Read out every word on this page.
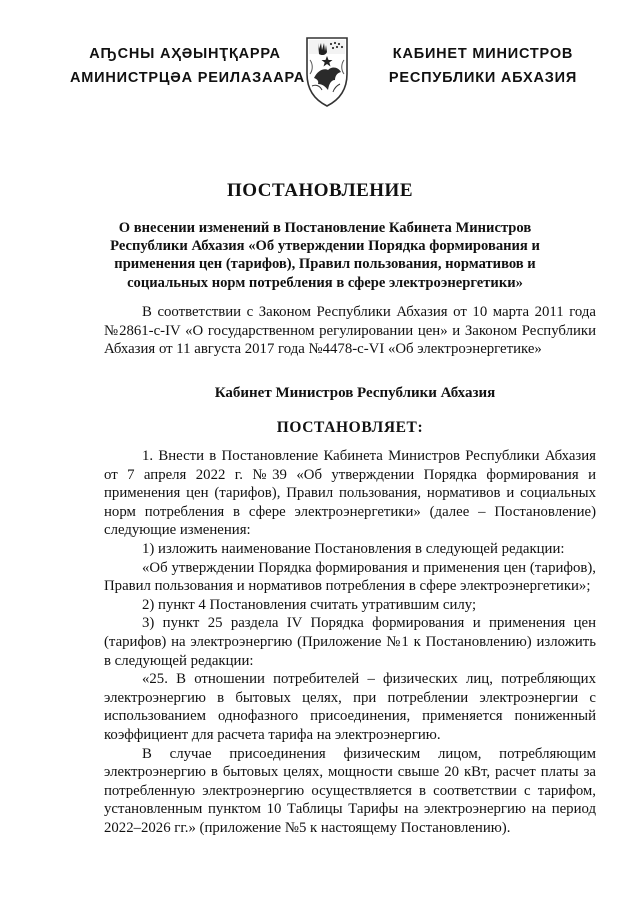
АҦСНЫ АҲӘЫНҬҚАРРА
АМИНИСТРЦӘА РЕИЛАЗААРА
КАБИНЕТ МИНИСТРОВ
РЕСПУБЛИКИ АБХАЗИЯ
ПОСТАНОВЛЕНИЕ
О внесении изменений в Постановление Кабинета Министров Республики Абхазия «Об утверждении Порядка формирования и применения цен (тарифов), Правил пользования, нормативов и социальных норм потребления в сфере электроэнергетики»
В соответствии с Законом Республики Абхазия от 10 марта 2011 года №2861-с-IV «О государственном регулировании цен» и Законом Республики Абхазия от 11 августа 2017 года №4478-с-VI «Об электроэнергетике»
Кабинет Министров Республики Абхазия
ПОСТАНОВЛЯЕТ:

1. Внести в Постановление Кабинета Министров Республики Абхазия от 7 апреля 2022 г. №39 «Об утверждении Порядка формирования и применения цен (тарифов), Правил пользования, нормативов и социальных норм потребления в сфере электроэнергетики» (далее – Постановление) следующие изменения:

1) изложить наименование Постановления в следующей редакции:

«Об утверждении Порядка формирования и применения цен (тарифов), Правил пользования и нормативов потребления в сфере электроэнергетики»;

2) пункт 4 Постановления считать утратившим силу;

3) пункт 25 раздела IV Порядка формирования и применения цен (тарифов) на электроэнергию (Приложение №1 к Постановлению) изложить в следующей редакции:

«25. В отношении потребителей – физических лиц, потребляющих электроэнергию в бытовых целях, при потреблении электроэнергии с использованием однофазного присоединения, применяется пониженный коэффициент для расчета тарифа на электроэнергию.

В случае присоединения физическим лицом, потребляющим электроэнергию в бытовых целях, мощности свыше 20 кВт, расчет платы за потребленную электроэнергию осуществляется в соответствии с тарифом, установленным пунктом 10 Таблицы Тарифы на электроэнергию на период 2022–2026 гг.» (приложение №5 к настоящему Постановлению).
